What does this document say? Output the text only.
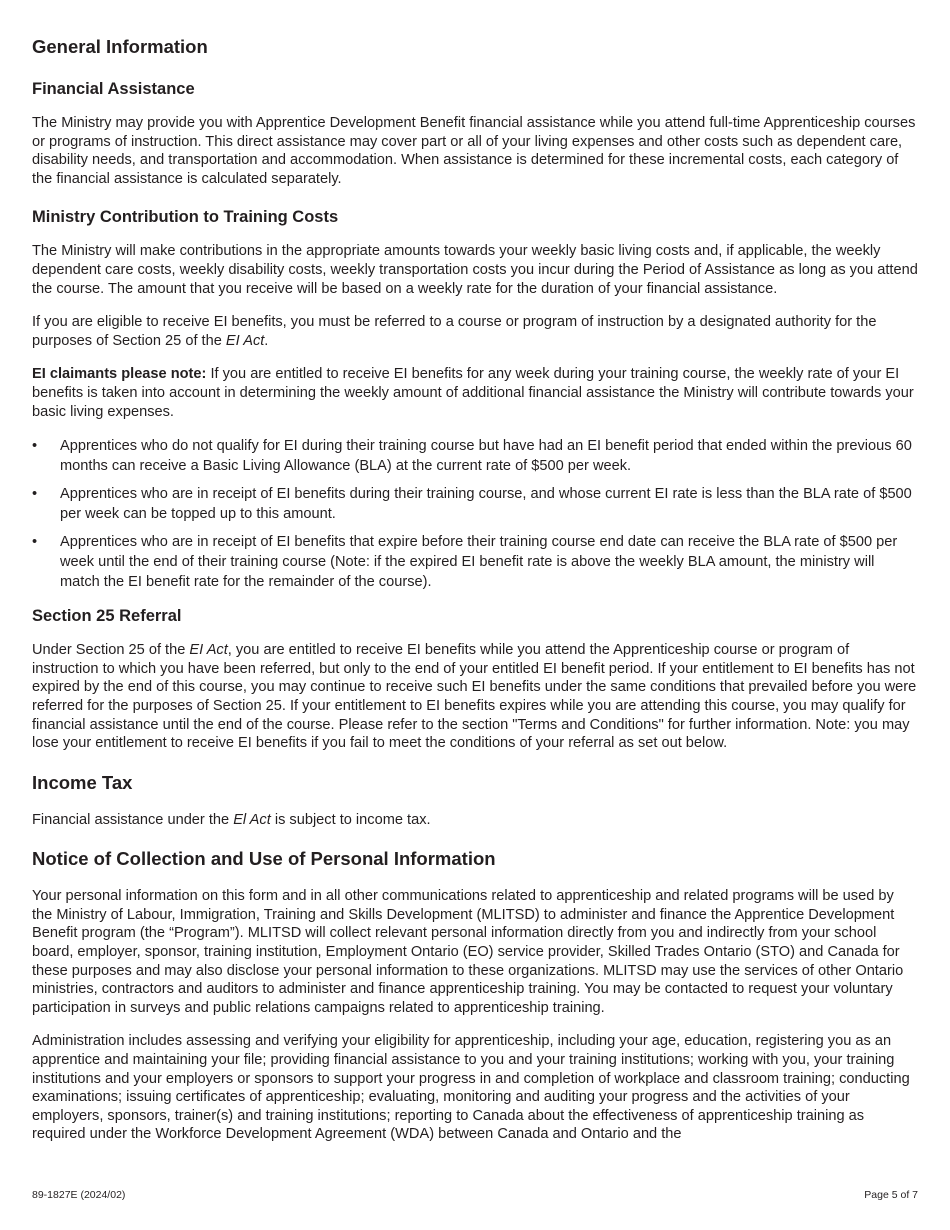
General Information
Financial Assistance

The Ministry may provide you with Apprentice Development Benefit financial assistance while you attend full-time Apprenticeship courses or programs of instruction. This direct assistance may cover part or all of your living expenses and other costs such as dependent care, disability needs, and transportation and accommodation. When assistance is determined for these incremental costs, each category of the financial assistance is calculated separately.

Ministry Contribution to Training Costs

The Ministry will make contributions in the appropriate amounts towards your weekly basic living costs and, if applicable, the weekly dependent care costs, weekly disability costs, weekly transportation costs you incur during the Period of Assistance as long as you attend the course. The amount that you receive will be based on a weekly rate for the duration of your financial assistance.

If you are eligible to receive EI benefits, you must be referred to a course or program of instruction by a designated authority for the purposes of Section 25 of the EI Act.

EI claimants please note: If you are entitled to receive EI benefits for any week during your training course, the weekly rate of your EI benefits is taken into account in determining the weekly amount of additional financial assistance the Ministry will contribute towards your basic living expenses.

• Apprentices who do not qualify for EI during their training course but have had an EI benefit period that ended within the previous 60 months can receive a Basic Living Allowance (BLA) at the current rate of $500 per week.
• Apprentices who are in receipt of EI benefits during their training course, and whose current EI rate is less than the BLA rate of $500 per week can be topped up to this amount.
• Apprentices who are in receipt of EI benefits that expire before their training course end date can receive the BLA rate of $500 per week until the end of their training course (Note: if the expired EI benefit rate is above the weekly BLA amount, the ministry will match the EI benefit rate for the remainder of the course).
Section 25 Referral

Under Section 25 of the EI Act, you are entitled to receive EI benefits while you attend the Apprenticeship course or program of instruction to which you have been referred, but only to the end of your entitled EI benefit period. If your entitlement to EI benefits has not expired by the end of this course, you may continue to receive such EI benefits under the same conditions that prevailed before you were referred for the purposes of Section 25. If your entitlement to EI benefits expires while you are attending this course, you may qualify for financial assistance until the end of the course. Please refer to the section "Terms and Conditions" for further information. Note: you may lose your entitlement to receive EI benefits if you fail to meet the conditions of your referral as set out below.

Income Tax

Financial assistance under the El Act is subject to income tax.

Notice of Collection and Use of Personal Information

Your personal information on this form and in all other communications related to apprenticeship and related programs will be used by the Ministry of Labour, Immigration, Training and Skills Development (MLITSD) to administer and finance the Apprentice Development Benefit program (the “Program”). MLITSD will collect relevant personal information directly from you and indirectly from your school board, employer, sponsor, training institution, Employment Ontario (EO) service provider, Skilled Trades Ontario (STO) and Canada for these purposes and may also disclose your personal information to these organizations. MLITSD may use the services of other Ontario ministries, contractors and auditors to administer and finance apprenticeship training. You may be contacted to request your voluntary participation in surveys and public relations campaigns related to apprenticeship training.

Administration includes assessing and verifying your eligibility for apprenticeship, including your age, education, registering you as an apprentice and maintaining your file; providing financial assistance to you and your training institutions; working with you, your training institutions and your employers or sponsors to support your progress in and completion of workplace and classroom training; conducting examinations; issuing certificates of apprenticeship; evaluating, monitoring and auditing your progress and the activities of your employers, sponsors, trainer(s) and training institutions; reporting to Canada about the effectiveness of apprenticeship training as required under the Workforce Development Agreement (WDA) between Canada and Ontario and the

89-1827E (2024/02)	Page 5 of 7
